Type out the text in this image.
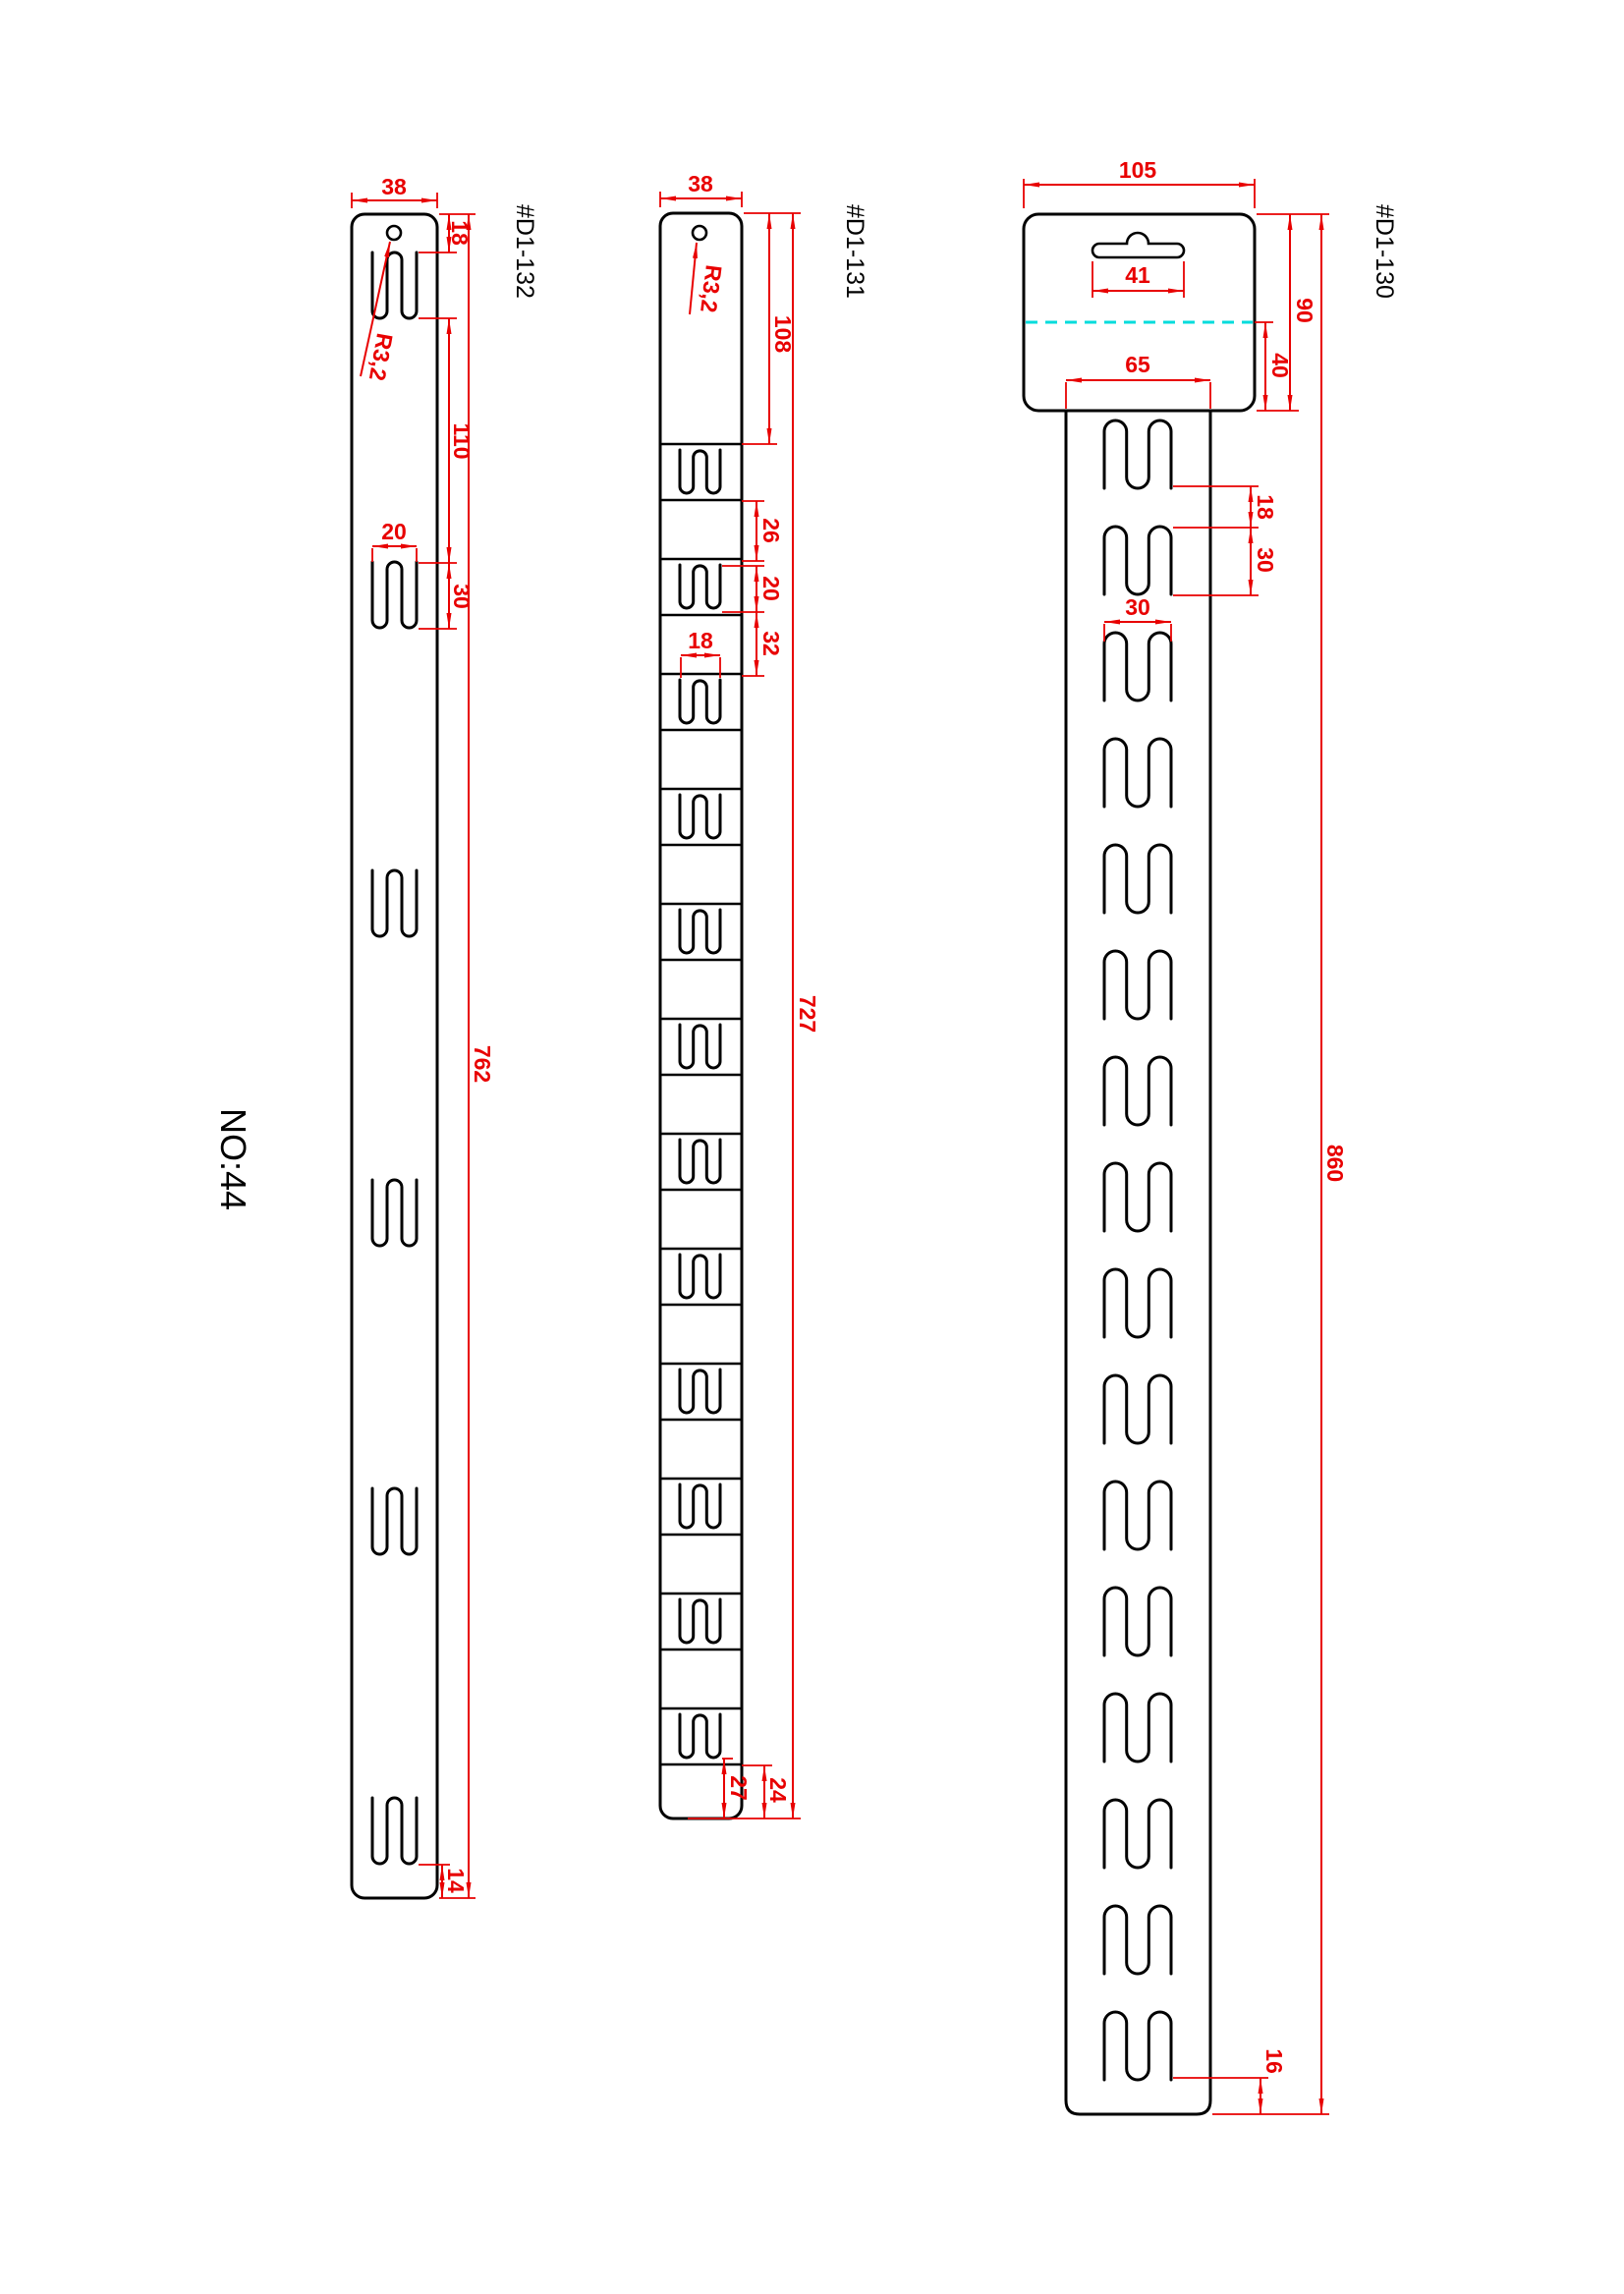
38
18
110
20
30
762
14
R3,2
#D1-132
38
R3,2
108
26
20
32
18
727
27 24
#D1-131
105
41
90
40
65
18
30
30
860
16
#D1-130
NO:44
